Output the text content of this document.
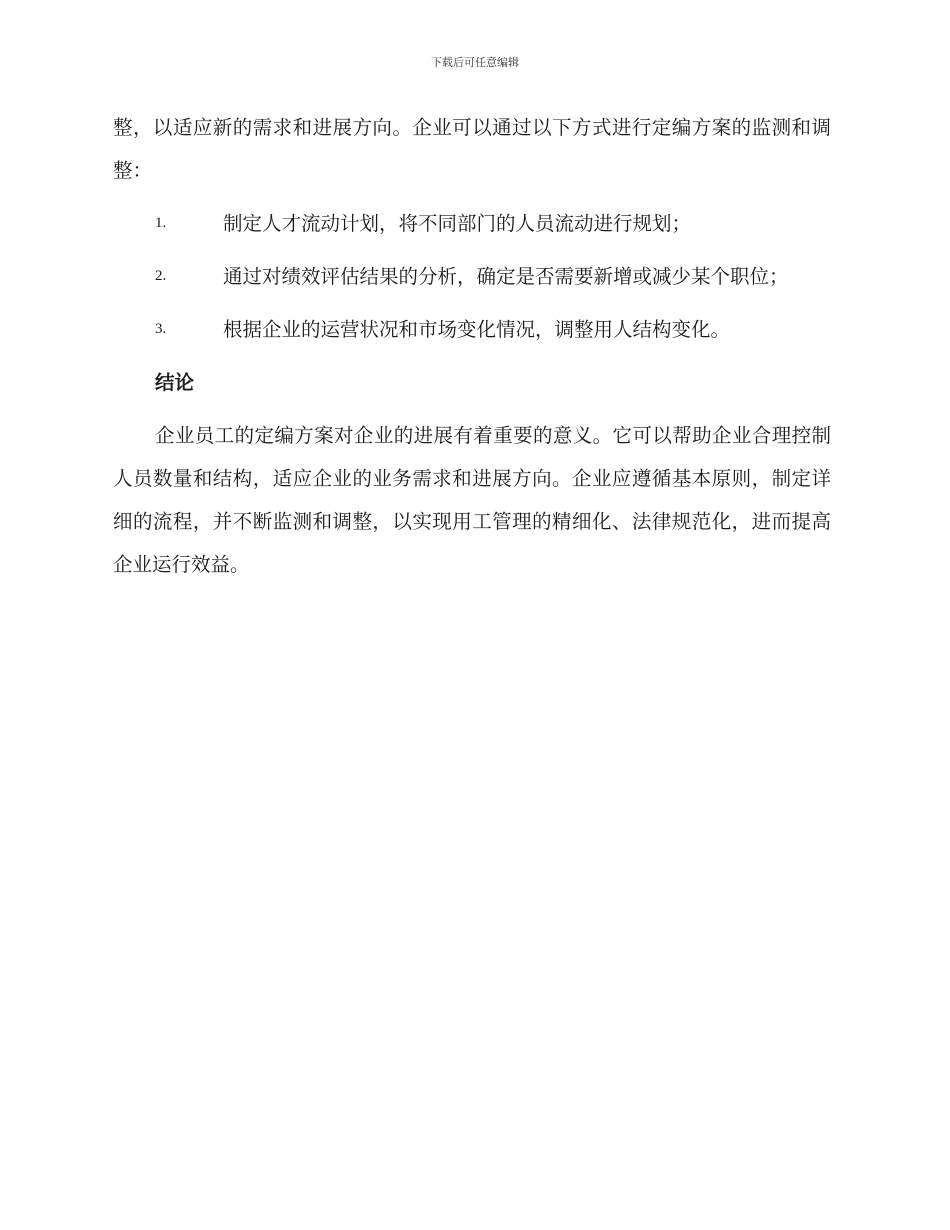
下载后可任意编辑

整，以适应新的需求和进展方向。企业可以通过以下方式进行定编方案的监测和调整：

1.	制定人才流动计划，将不同部门的人员流动进行规划；
2.	通过对绩效评估结果的分析，确定是否需要新增或减少某个职位；
3.	根据企业的运营状况和市场变化情况，调整用人结构变化。
结论

企业员工的定编方案对企业的进展有着重要的意义。它可以帮助企业合理控制人员数量和结构，适应企业的业务需求和进展方向。企业应遵循基本原则，制定详细的流程，并不断监测和调整，以实现用工管理的精细化、法律规范化，进而提高企业运行效益。
